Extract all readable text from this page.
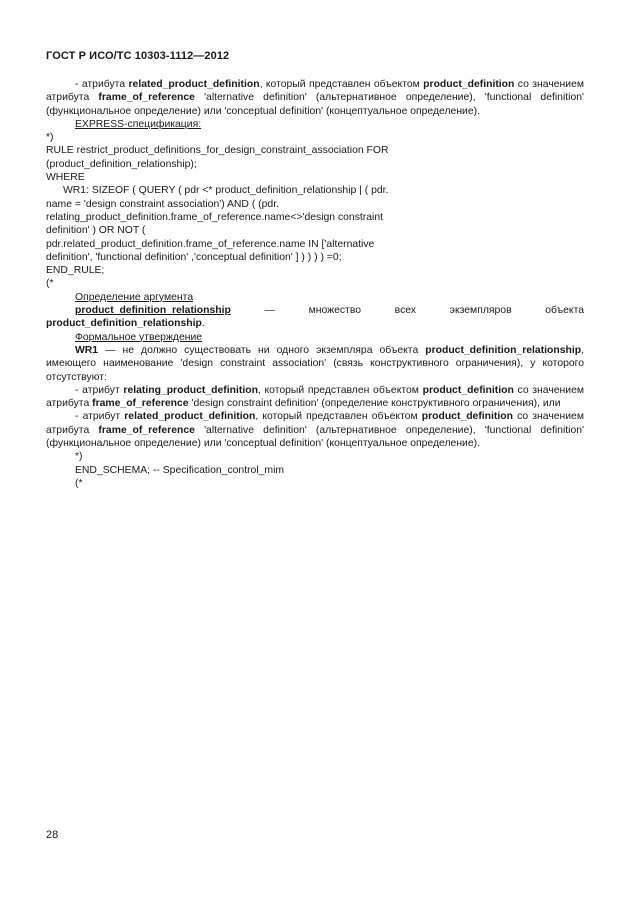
ГОСТ Р ИСО/ТС 10303-1112—2012

- атрибута related_product_definition, который представлен объектом product_definition со значением атрибута frame_of_reference 'alternative definition' (альтернативное определение), 'functional definition' (функциональное определение) или 'conceptual definition' (концептуальное определение).

EXPRESS-спецификация:

*)

RULE restrict_product_definitions_for_design_constraint_association FOR

(product_definition_relationship);

WHERE

WR1: SIZEOF ( QUERY ( pdr <* product_definition_relationship | ( pdr.

name = 'design constraint association') AND ( (pdr.

relating_product_definition.frame_of_reference.name<>'design constraint

definition' ) OR NOT (

pdr.related_product_definition.frame_of_reference.name IN ['alternative

definition', 'functional definition' ,'conceptual definition' ] ) ) ) ) =0;

END_RULE;

(*

Определение аргумента

product_definition_relationship — множество всех экземпляров объекта product_definition_relationship.

Формальное утверждение

WR1 — не должно существовать ни одного экземпляра объекта product_definition_relationship, имеющего наименование 'design constraint association' (связь конструктивного ограничения), у которого отсутствуют:

- атрибут relating_product_definition, который представлен объектом product_definition со значением атрибута frame_of_reference 'design constraint definition' (определение конструктивного ограничения), или

- атрибут related_product_definition, который представлен объектом product_definition со значением атрибута frame_of_reference 'alternative definition' (альтернативное определение), 'functional definition' (функциональное определение) или 'conceptual definition' (концептуальное определение).

*)

END_SCHEMA; -- Specification_control_mim

(*

28
